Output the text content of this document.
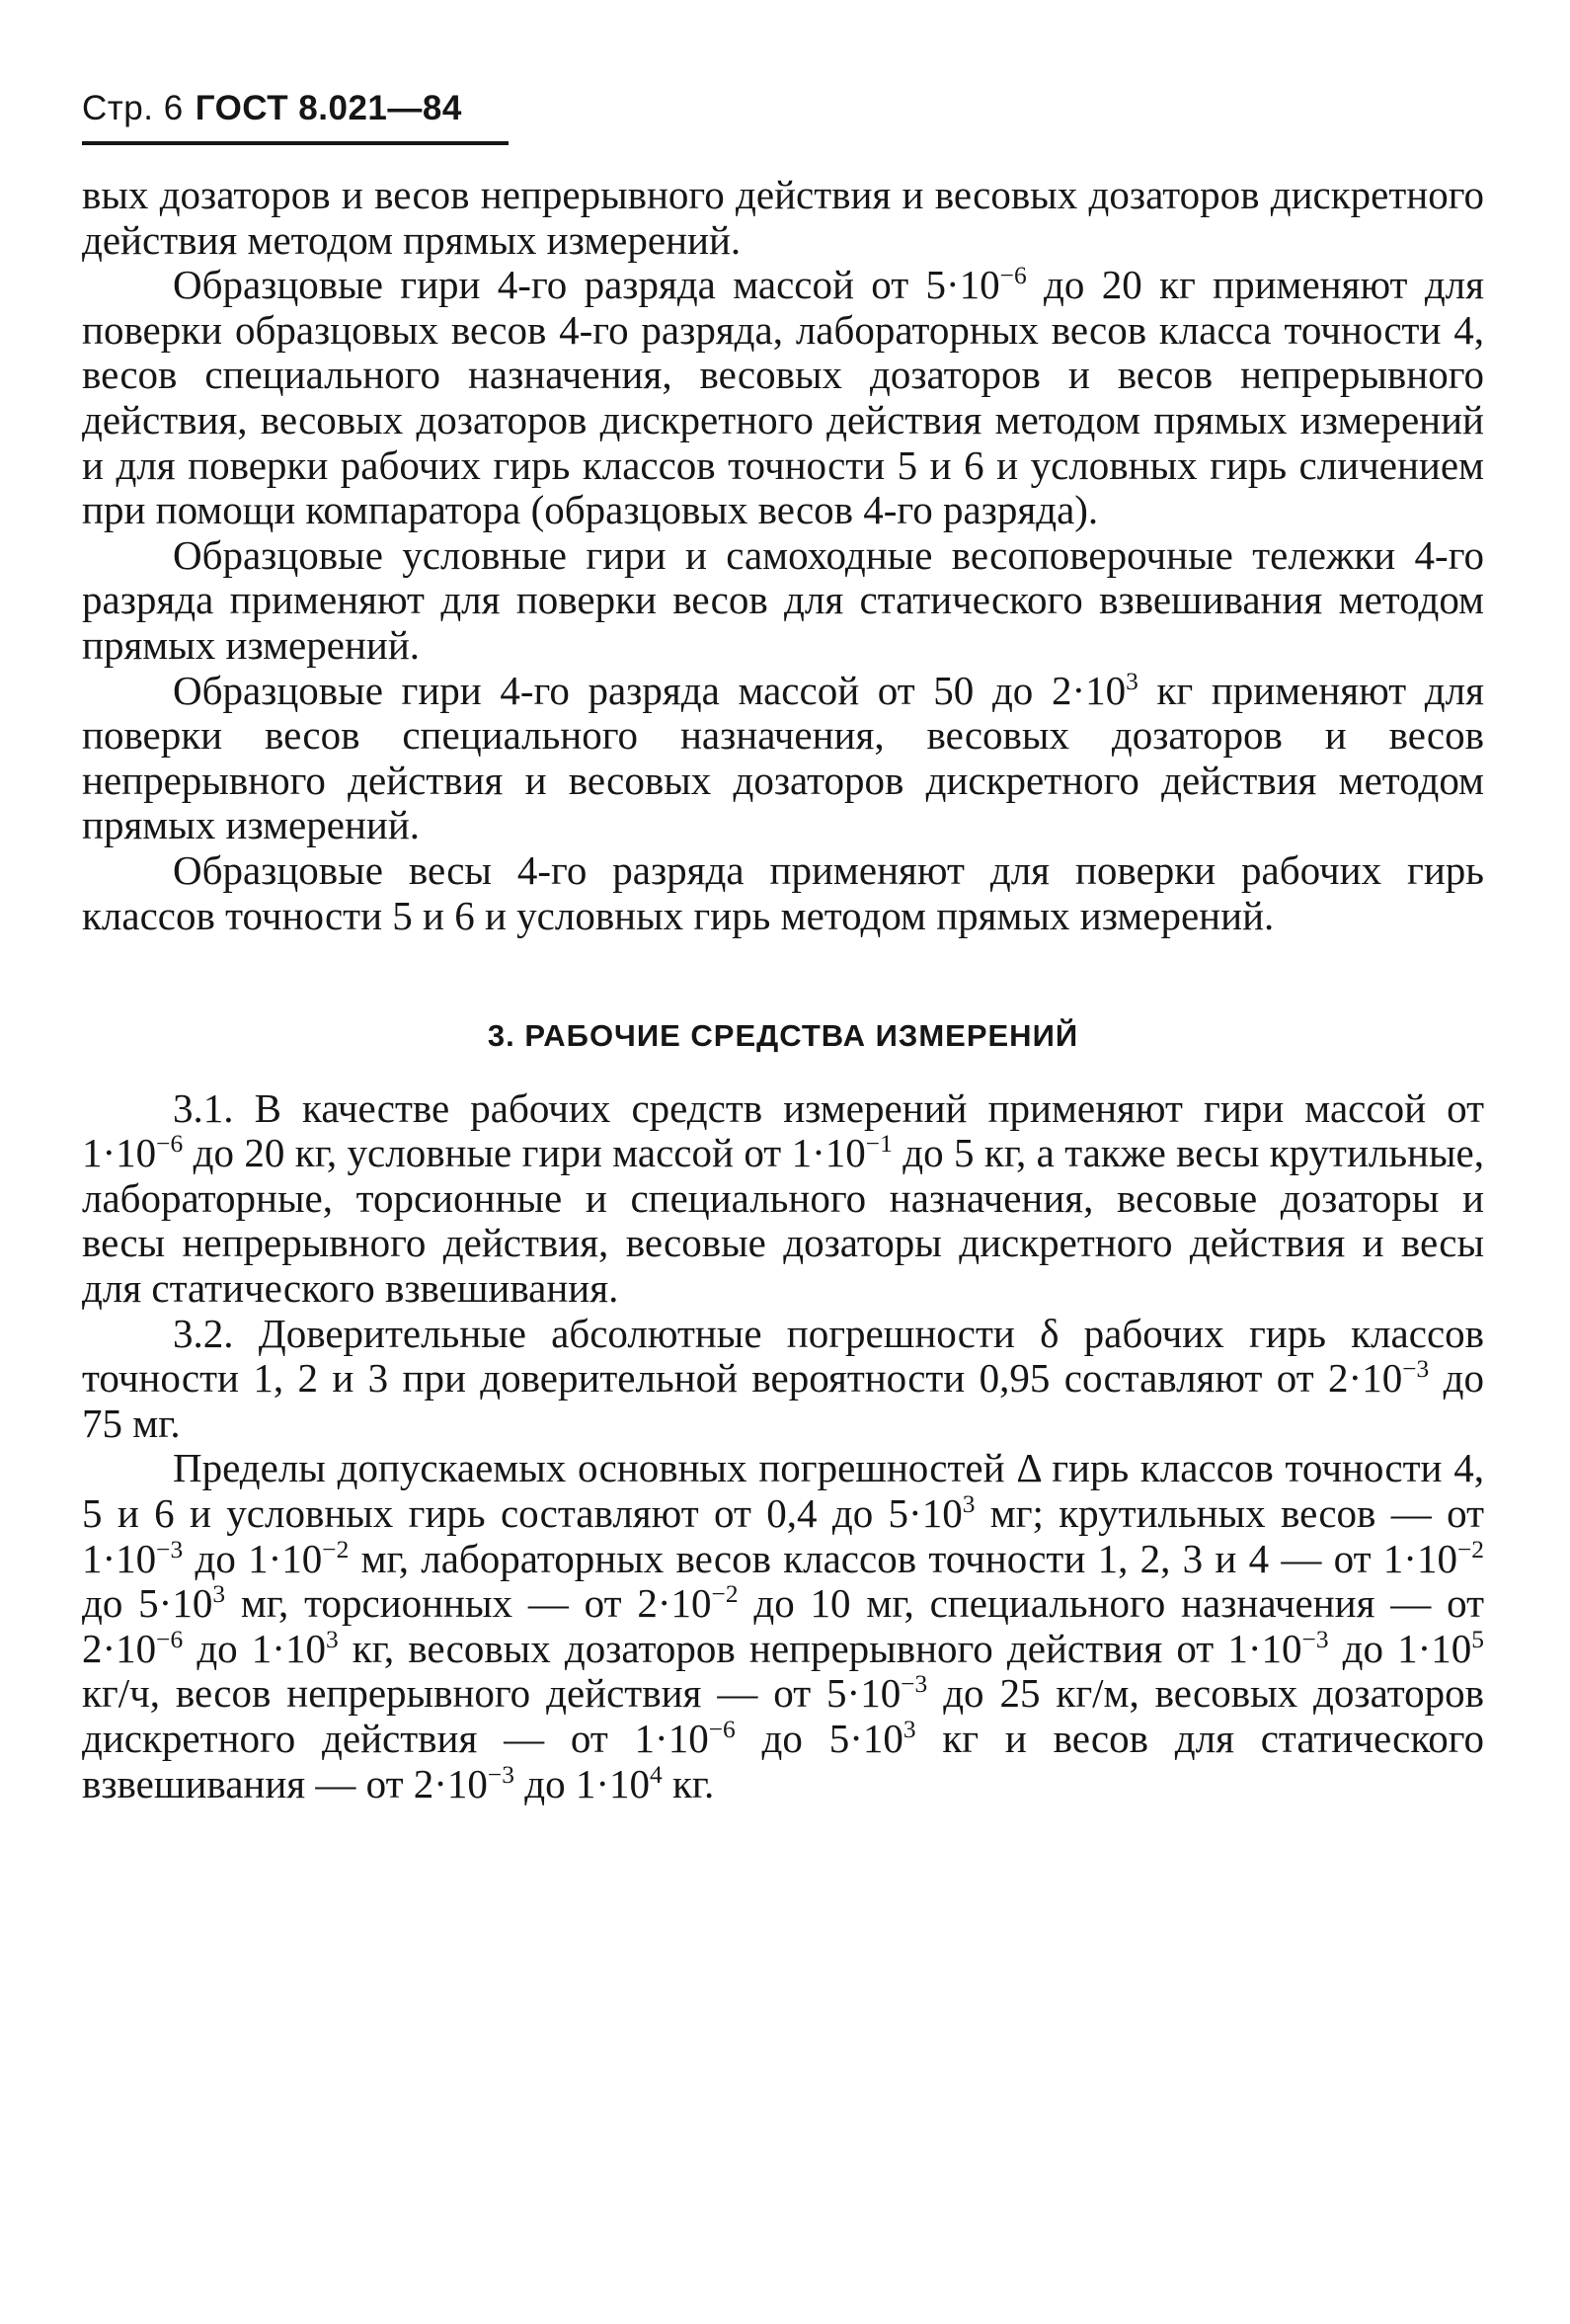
Стр. 6 ГОСТ 8.021—84

вых дозаторов и весов непрерывного действия и весовых дозаторов дискретного действия методом прямых измерений.

Образцовые гири 4-го разряда массой от $5\cdot 10^{-6}$ до 20 кг применяют для поверки образцовых весов 4-го разряда, лабораторных весов класса точности 4, весов специального назначения, весовых дозаторов и весов непрерывного действия, весовых дозаторов дискретного действия методом прямых измерений и для поверки рабочих гирь классов точности 5 и 6 и условных гирь сличением при помощи компаратора (образцовых весов 4-го разряда).

Образцовые условные гири и самоходные весоповерочные тележки 4-го разряда применяют для поверки весов для статического взвешивания методом прямых измерений.

Образцовые гири 4-го разряда массой от 50 до $2\cdot 10^3$ кг применяют для поверки весов специального назначения, весовых дозаторов и весов непрерывного действия и весовых дозаторов дискретного действия методом прямых измерений.

Образцовые весы 4-го разряда применяют для поверки рабочих гирь классов точности 5 и 6 и условных гирь методом прямых измерений.

3. РАБОЧИЕ СРЕДСТВА ИЗМЕРЕНИЙ

3.1. В качестве рабочих средств измерений применяют гири массой от $1\cdot 10^{-6}$ до 20 кг, условные гири массой от $1\cdot 10^{-1}$ до 5 кг, а также весы крутильные, лабораторные, торсионные и специального назначения, весовые дозаторы и весы непрерывного действия, весовые дозаторы дискретного действия и весы для статического взвешивания.

3.2. Доверительные абсолютные погрешности δ рабочих гирь классов точности 1, 2 и 3 при доверительной вероятности 0,95 составляют от $2\cdot 10^{-3}$ до 75 мг.

Пределы допускаемых основных погрешностей Δ гирь классов точности 4, 5 и 6 и условных гирь составляют от 0,4 до $5\cdot 10^3$ мг; крутильных весов — от $1\cdot 10^{-3}$ до $1\cdot 10^{-2}$ мг, лабораторных весов классов точности 1, 2, 3 и 4 — от $1\cdot 10^{-2}$ до $5\cdot 10^3$ мг, торсионных — от $2\cdot 10^{-2}$ до 10 мг, специального назначения — от $2\cdot 10^{-6}$ до $1\cdot 10^3$ кг, весовых дозаторов непрерывного действия от $1\cdot 10^{-3}$ до $1\cdot 10^5$ кг/ч, весов непрерывного действия — от $5\cdot 10^{-3}$ до 25 кг/м, весовых дозаторов дискретного действия — от $1\cdot 10^{-6}$ до $5\cdot 10^3$ кг и весов для статического взвешивания — от $2\cdot 10^{-3}$ до $1\cdot 10^4$ кг.
